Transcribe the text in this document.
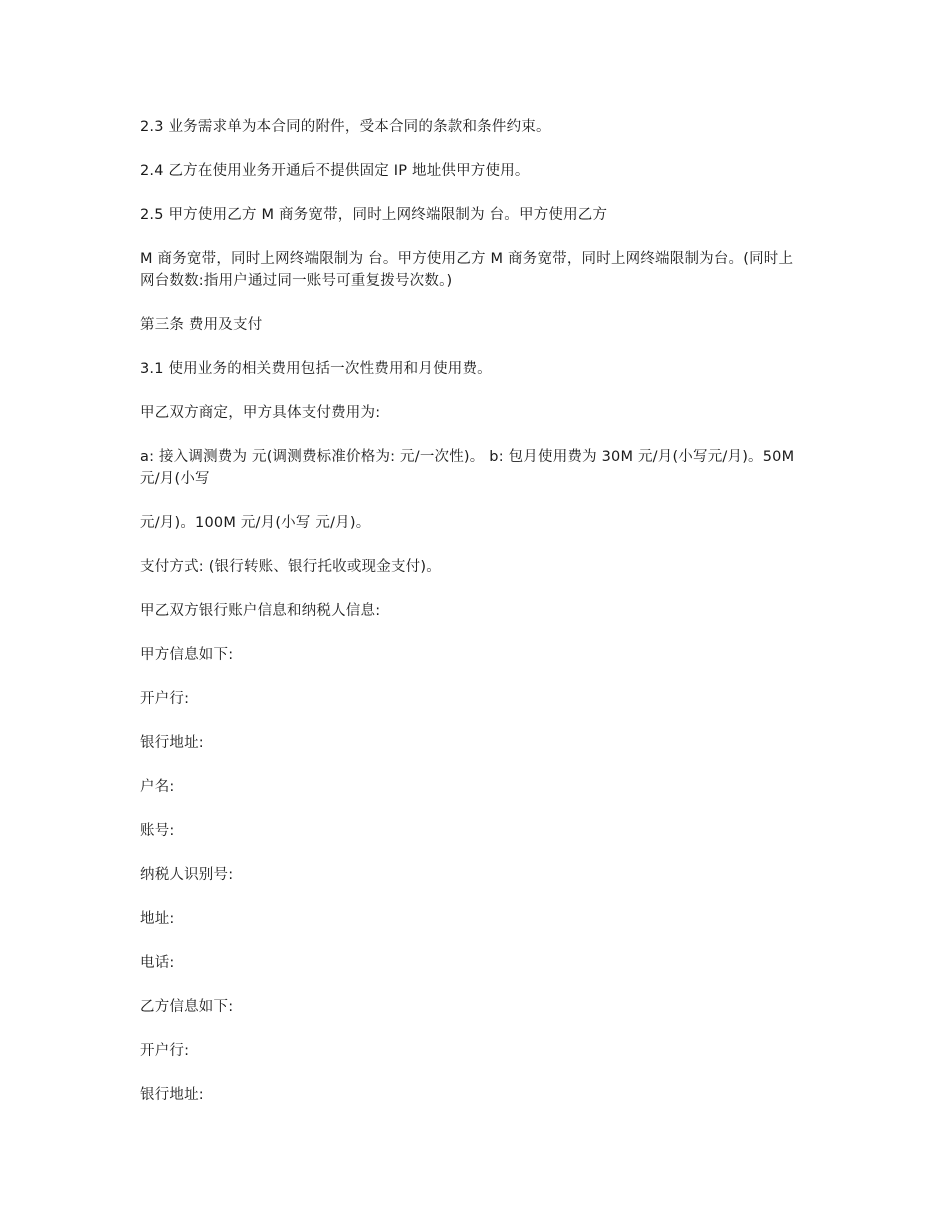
2.3 业务需求单为本合同的附件，受本合同的条款和条件约束。

2.4 乙方在使用业务开通后不提供固定 IP 地址供甲方使用。

2.5 甲方使用乙方 M 商务宽带，同时上网终端限制为 台。甲方使用乙方

M 商务宽带，同时上网终端限制为 台。甲方使用乙方 M 商务宽带，同时上网终端限制为台。(同时上网台数数:指用户通过同一账号可重复拨号次数。)

第三条 费用及支付

3.1 使用业务的相关费用包括一次性费用和月使用费。

甲乙双方商定，甲方具体支付费用为:

a: 接入调测费为 元(调测费标准价格为: 元/一次性)。 b: 包月使用费为 30M 元/月(小写元/月)。50M 元/月(小写

元/月)。100M 元/月(小写 元/月)。

支付方式: (银行转账、银行托收或现金支付)。

甲乙双方银行账户信息和纳税人信息:

甲方信息如下:

开户行:

银行地址:

户名:

账号:

纳税人识别号:

地址:

电话:

乙方信息如下:

开户行:

银行地址:
